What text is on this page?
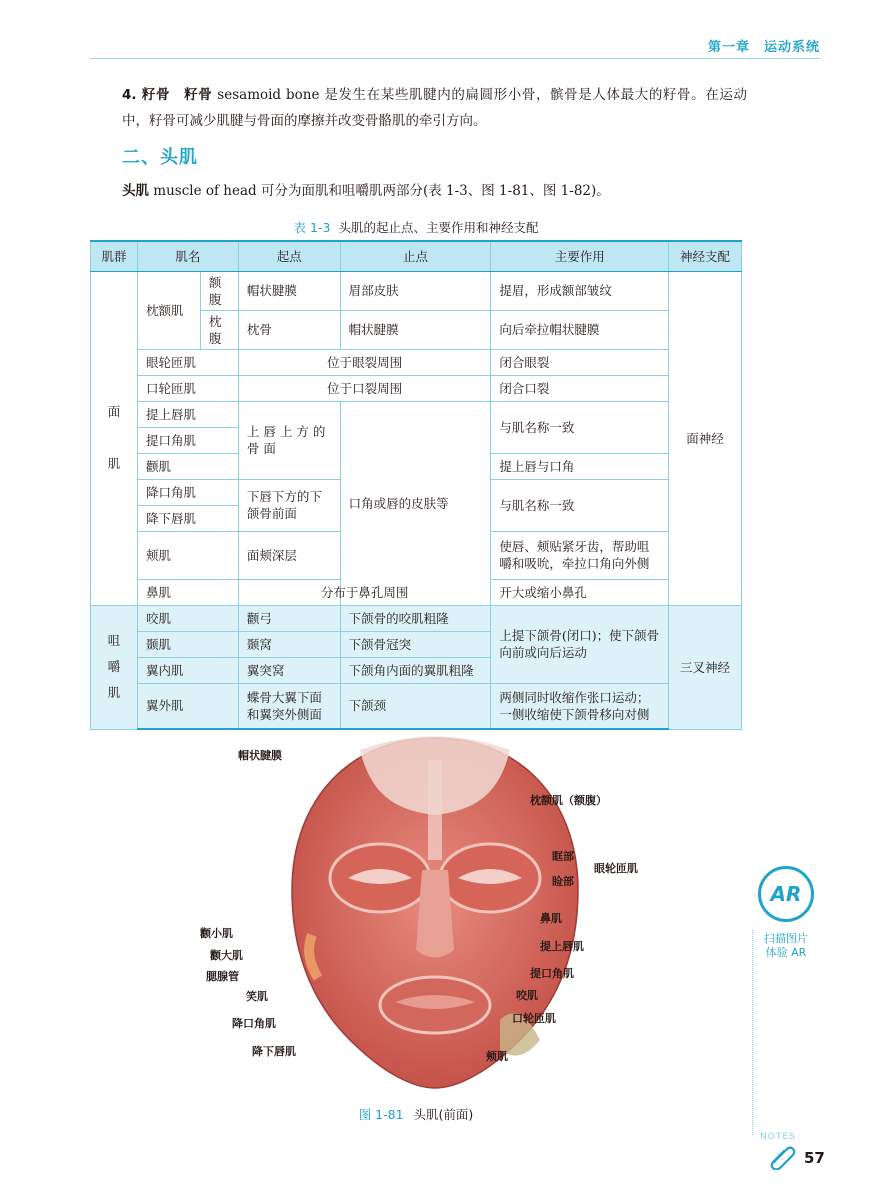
第一章　运动系统
4. 籽骨　 籽骨 sesamoid bone 是发生在某些肌腱内的扁圆形小骨，髌骨是人体最大的籽骨。在运动中，籽骨可减少肌腱与骨面的摩擦并改变骨骼肌的牵引方向。
二、头肌
头肌 muscle of head 可分为面肌和咀嚼肌两部分(表 1-3、图 1-81、图 1-82)。
表 1-3 头肌的起止点、主要作用和神经支配
肌群	肌名		起点	止点	主要作用	神经支配
面

肌	枕额肌	额腹	帽状腱膜	眉部皮肤	提眉，形成额部皱纹	面神经
		枕腹	枕骨	帽状腱膜	向后牵拉帽状腱膜	
	眼轮匝肌		位于眼裂周围		闭合眼裂	
	口轮匝肌		位于口裂周围		闭合口裂	
	提上唇肌		上唇上方的骨面	口角或唇的皮肤等	与肌名称一致	
	提口角肌					
	颧肌				提上唇与口角	
	降口角肌		下唇下方的下颌骨前面		与肌名称一致	
	降下唇肌					
	颊肌		面颊深层		使唇、颊贴紧牙齿，帮助咀嚼和吸吮，牵拉口角向外侧	
	鼻肌		分布于鼻孔周围		开大或缩小鼻孔	

咀
嚼
肌	咬肌		颧弓	下颌骨的咬肌粗隆	上提下颌骨(闭口)；使下颌骨向前或向后运动	三叉神经
	颞肌		颞窝	下颌骨冠突		
	翼内肌		翼突窝	下颌角内面的翼肌粗隆		
	翼外肌		蝶骨大翼下面和翼突外侧面	下颌颈	两侧同时收缩作张口运动；一侧收缩使下颌骨移向对侧	
帽状腱膜
枕额肌（额腹）
眶部
睑部
眼轮匝肌
鼻肌
提上唇肌
提口角肌
咬肌
口轮匝肌
颊肌
颧小肌
颧大肌
腮腺管
笑肌
降口角肌
降下唇肌
图 1-81 头肌(前面)
AR
扫描图片
体验 AR
NOTES
57
